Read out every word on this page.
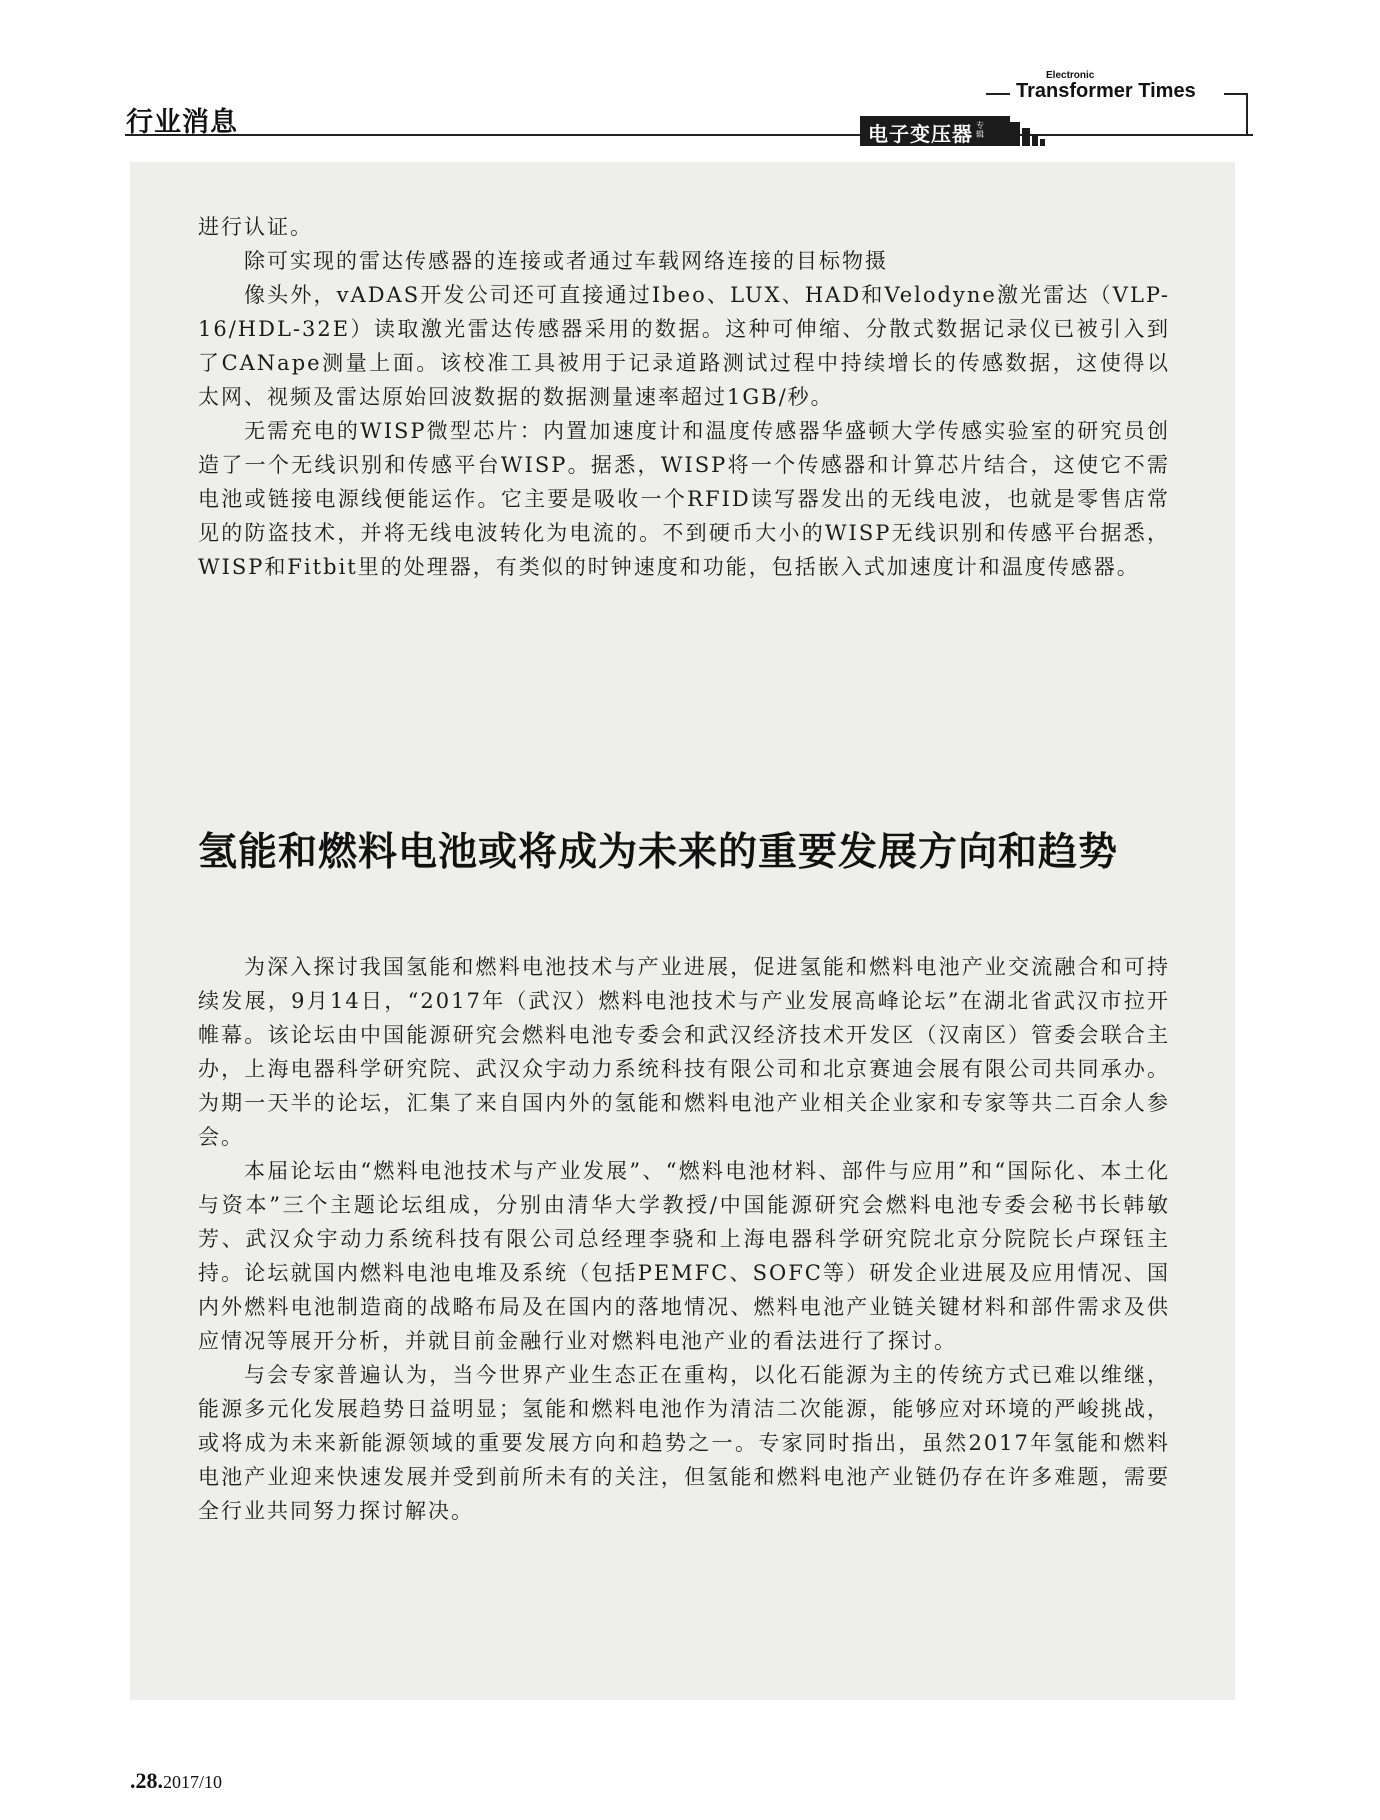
行业消息
Electronic
Transformer Times
电子变压器 专辑

进行认证。

除可实现的雷达传感器的连接或者通过车载网络连接的目标物摄

像头外，vADAS开发公司还可直接通过Ibeo、LUX、HAD和Velodyne激光雷达（VLP-16/HDL-32E）读取激光雷达传感器采用的数据。这种可伸缩、分散式数据记录仪已被引入到了CANape测量上面。该校准工具被用于记录道路测试过程中持续增长的传感数据，这使得以太网、视频及雷达原始回波数据的数据测量速率超过1GB/秒。

无需充电的WISP微型芯片：内置加速度计和温度传感器华盛顿大学传感实验室的研究员创造了一个无线识别和传感平台WISP。据悉，WISP将一个传感器和计算芯片结合，这使它不需电池或链接电源线便能运作。它主要是吸收一个RFID读写器发出的无线电波，也就是零售店常见的防盗技术，并将无线电波转化为电流的。不到硬币大小的WISP无线识别和传感平台据悉，WISP和Fitbit里的处理器，有类似的时钟速度和功能，包括嵌入式加速度计和温度传感器。

氢能和燃料电池或将成为未来的重要发展方向和趋势

为深入探讨我国氢能和燃料电池技术与产业进展，促进氢能和燃料电池产业交流融合和可持续发展，9月14日，“2017年（武汉）燃料电池技术与产业发展高峰论坛”在湖北省武汉市拉开帷幕。该论坛由中国能源研究会燃料电池专委会和武汉经济技术开发区（汉南区）管委会联合主办，上海电器科学研究院、武汉众宇动力系统科技有限公司和北京赛迪会展有限公司共同承办。为期一天半的论坛，汇集了来自国内外的氢能和燃料电池产业相关企业家和专家等共二百余人参会。

本届论坛由“燃料电池技术与产业发展”、“燃料电池材料、部件与应用”和“国际化、本土化与资本”三个主题论坛组成，分别由清华大学教授/中国能源研究会燃料电池专委会秘书长韩敏芳、武汉众宇动力系统科技有限公司总经理李骁和上海电器科学研究院北京分院院长卢琛钰主持。论坛就国内燃料电池电堆及系统（包括PEMFC、SOFC等）研发企业进展及应用情况、国内外燃料电池制造商的战略布局及在国内的落地情况、燃料电池产业链关键材料和部件需求及供应情况等展开分析，并就目前金融行业对燃料电池产业的看法进行了探讨。

与会专家普遍认为，当今世界产业生态正在重构，以化石能源为主的传统方式已难以维继，能源多元化发展趋势日益明显；氢能和燃料电池作为清洁二次能源，能够应对环境的严峻挑战，或将成为未来新能源领域的重要发展方向和趋势之一。专家同时指出，虽然2017年氢能和燃料电池产业迎来快速发展并受到前所未有的关注，但氢能和燃料电池产业链仍存在许多难题，需要全行业共同努力探讨解决。

.28.2017/10
